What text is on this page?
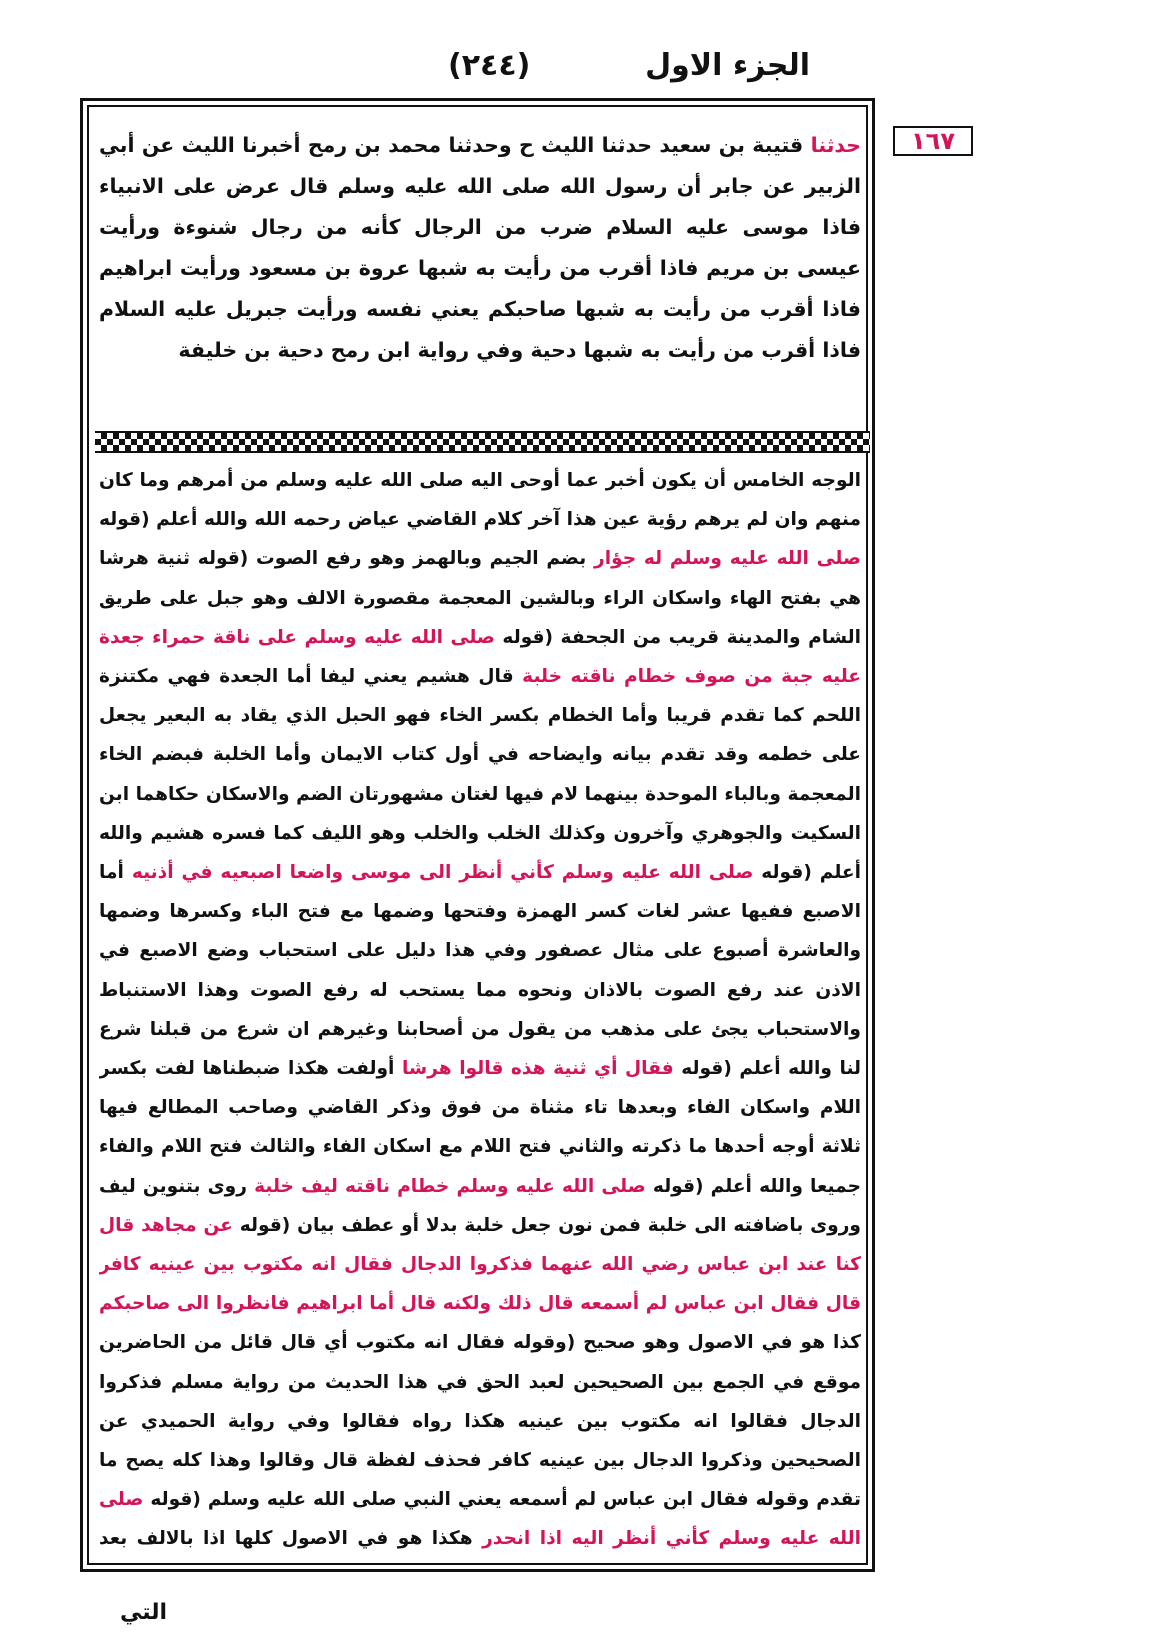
الجزء الاول
(٢٤٤)
١٦٧
حدثنا قتيبة بن سعيد حدثنا الليث ح وحدثنا محمد بن رمح أخبرنا الليث عن أبي الزبير عن جابر أن رسول الله صلى الله عليه وسلم قال عرض على الانبياء فاذا موسى عليه السلام ضرب من الرجال كأنه من رجال شنوءة ورأيت عيسى بن مريم فاذا أقرب من رأيت به شبها عروة بن مسعود ورأيت ابراهيم فاذا أقرب من رأيت به شبها صاحبكم يعني نفسه ورأيت جبريل عليه السلام فاذا أقرب من رأيت به شبها دحية وفي رواية ابن رمح دحية بن خليفة
الوجه الخامس أن يكون أخبر عما أوحى اليه صلى الله عليه وسلم من أمرهم وما كان منهم وان لم يرهم رؤية عين هذا آخر كلام القاضي عياض رحمه الله والله أعلم (قوله صلى الله عليه وسلم له جؤار بضم الجيم وبالهمز وهو رفع الصوت (قوله ثنية هرشا هي بفتح الهاء واسكان الراء وبالشين المعجمة مقصورة الالف وهو جبل على طريق الشام والمدينة قريب من الجحفة (قوله صلى الله عليه وسلم على ناقة حمراء جعدة عليه جبة من صوف خطام ناقته خلبة قال هشيم يعني ليفا أما الجعدة فهي مكتنزة اللحم كما تقدم قريبا وأما الخطام بكسر الخاء فهو الحبل الذي يقاد به البعير يجعل على خطمه وقد تقدم بيانه وايضاحه في أول كتاب الايمان وأما الخلبة فبضم الخاء المعجمة وبالباء الموحدة بينهما لام فيها لغتان مشهورتان الضم والاسكان حكاهما ابن السكيت والجوهري وآخرون وكذلك الخلب والخلب وهو الليف كما فسره هشيم والله أعلم (قوله صلى الله عليه وسلم كأني أنظر الى موسى واضعا اصبعيه في أذنيه أما الاصبع ففيها عشر لغات كسر الهمزة وفتحها وضمها مع فتح الباء وكسرها وضمها والعاشرة أصبوع على مثال عصفور وفي هذا دليل على استحباب وضع الاصبع في الاذن عند رفع الصوت بالاذان ونحوه مما يستحب له رفع الصوت وهذا الاستنباط والاستحباب يجئ على مذهب من يقول من أصحابنا وغيرهم ان شرع من قبلنا شرع لنا والله أعلم (قوله فقال أي ثنية هذه قالوا هرشا أولفت هكذا ضبطناها لفت بكسر اللام واسكان الفاء وبعدها تاء مثناة من فوق وذكر القاضي وصاحب المطالع فيها ثلاثة أوجه أحدها ما ذكرته والثاني فتح اللام مع اسكان الفاء والثالث فتح اللام والفاء جميعا والله أعلم (قوله صلى الله عليه وسلم خطام ناقته ليف خلبة روى بتنوين ليف وروى باضافته الى خلبة فمن نون جعل خلبة بدلا أو عطف بيان (قوله عن مجاهد قال كنا عند ابن عباس رضي الله عنهما فذكروا الدجال فقال انه مكتوب بين عينيه كافر قال فقال ابن عباس لم أسمعه قال ذلك ولكنه قال أما ابراهيم فانظروا الى صاحبكم كذا هو في الاصول وهو صحيح (وقوله فقال انه مكتوب أي قال قائل من الحاضرين موقع في الجمع بين الصحيحين لعبد الحق في هذا الحديث من رواية مسلم فذكروا الدجال فقالوا انه مكتوب بين عينيه هكذا رواه فقالوا وفي رواية الحميدي عن الصحيحين وذكروا الدجال بين عينيه كافر فحذف لفظة قال وقالوا وهذا كله يصح ما تقدم وقوله فقال ابن عباس لم أسمعه يعني النبي صلى الله عليه وسلم (قوله صلى الله عليه وسلم كأني أنظر اليه اذا انحدر هكذا هو في الاصول كلها اذا بالالف بعد
التي
